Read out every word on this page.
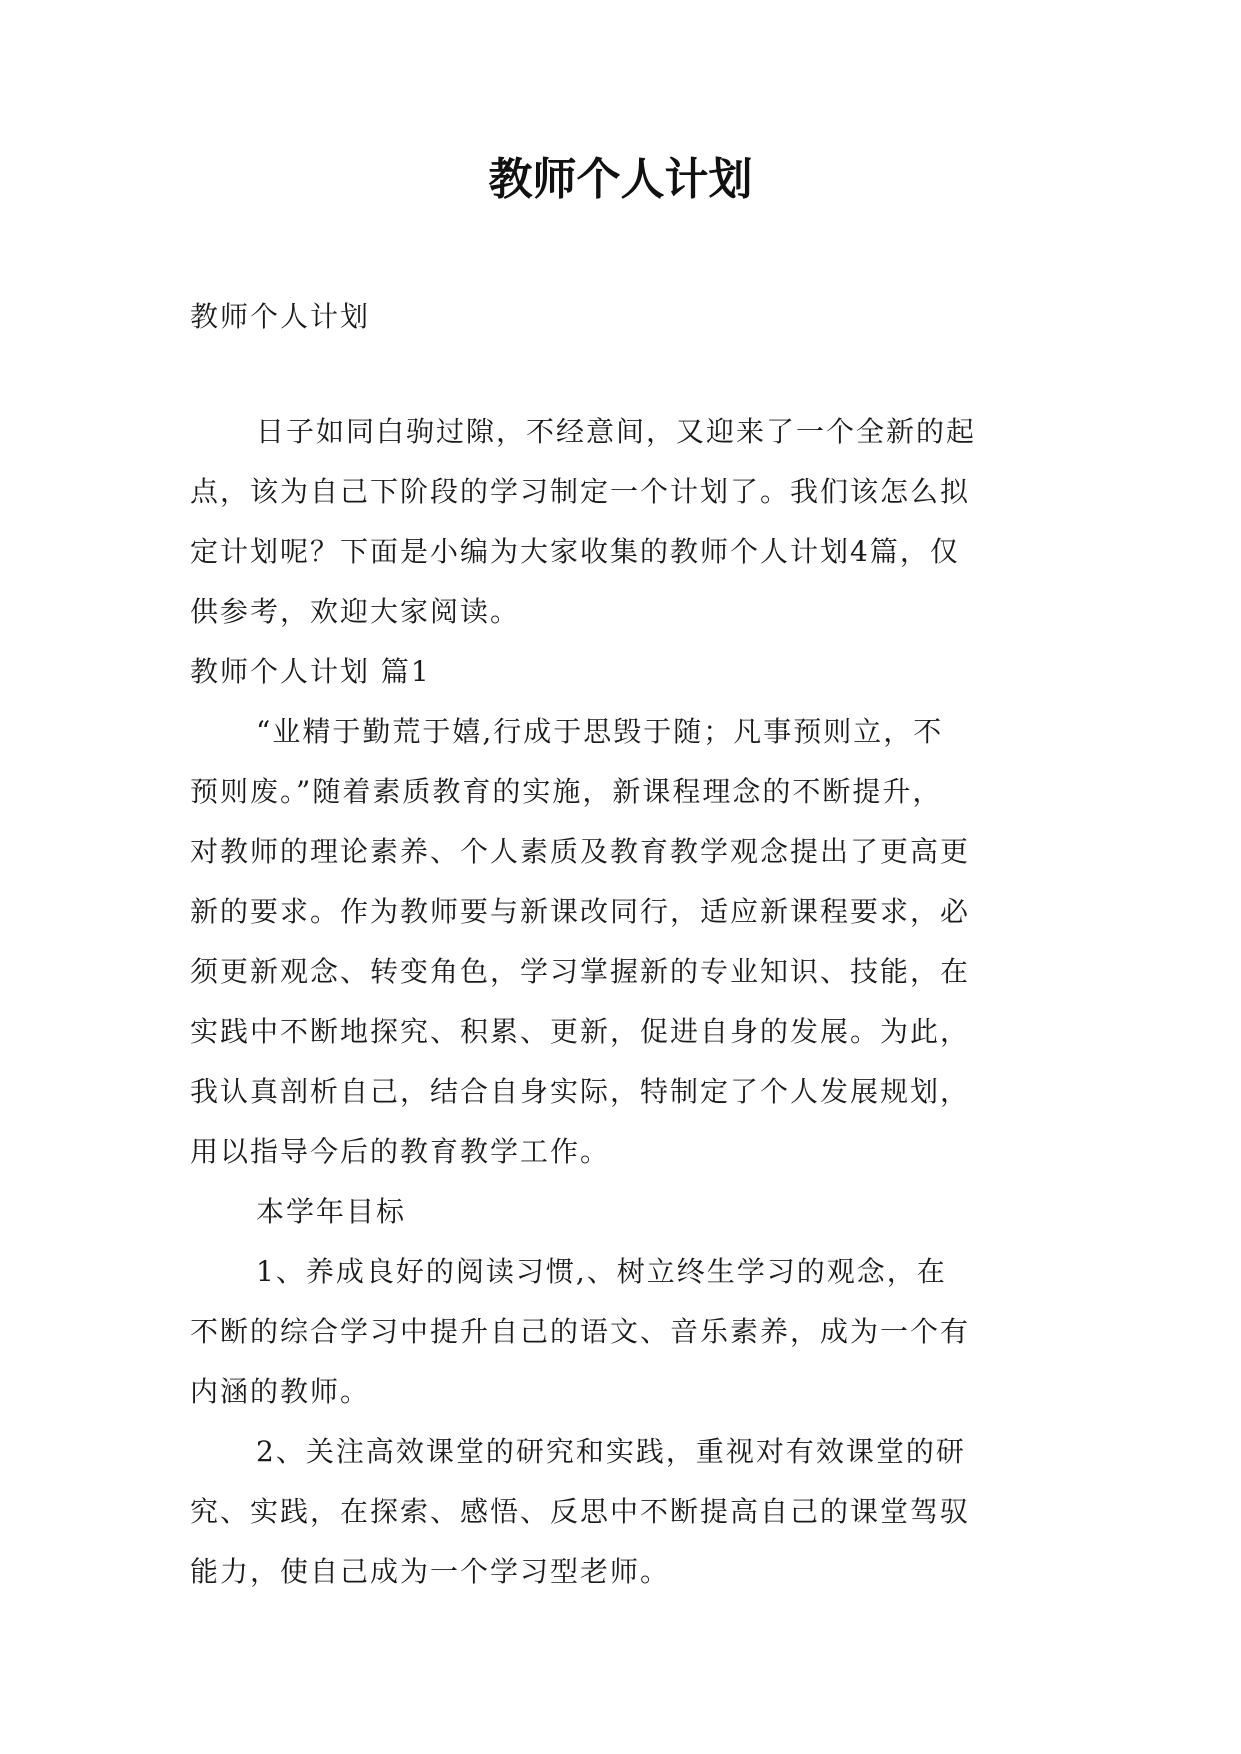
教师个人计划
教师个人计划
日子如同白驹过隙，不经意间，又迎来了一个全新的起
点，该为自己下阶段的学习制定一个计划了。我们该怎么拟
定计划呢？下面是小编为大家收集的教师个人计划4篇，仅
供参考，欢迎大家阅读。
教师个人计划 篇1
“业精于勤荒于嬉,行成于思毁于随；凡事预则立，不
预则废。”随着素质教育的实施，新课程理念的不断提升，
对教师的理论素养、个人素质及教育教学观念提出了更高更
新的要求。作为教师要与新课改同行，适应新课程要求，必
须更新观念、转变角色，学习掌握新的专业知识、技能，在
实践中不断地探究、积累、更新，促进自身的发展。为此，
我认真剖析自己，结合自身实际，特制定了个人发展规划，
用以指导今后的教育教学工作。
本学年目标
1、养成良好的阅读习惯,、树立终生学习的观念，在
不断的综合学习中提升自己的语文、音乐素养，成为一个有
内涵的教师。
2、关注高效课堂的研究和实践，重视对有效课堂的研
究、实践，在探索、感悟、反思中不断提高自己的课堂驾驭
能力，使自己成为一个学习型老师。
